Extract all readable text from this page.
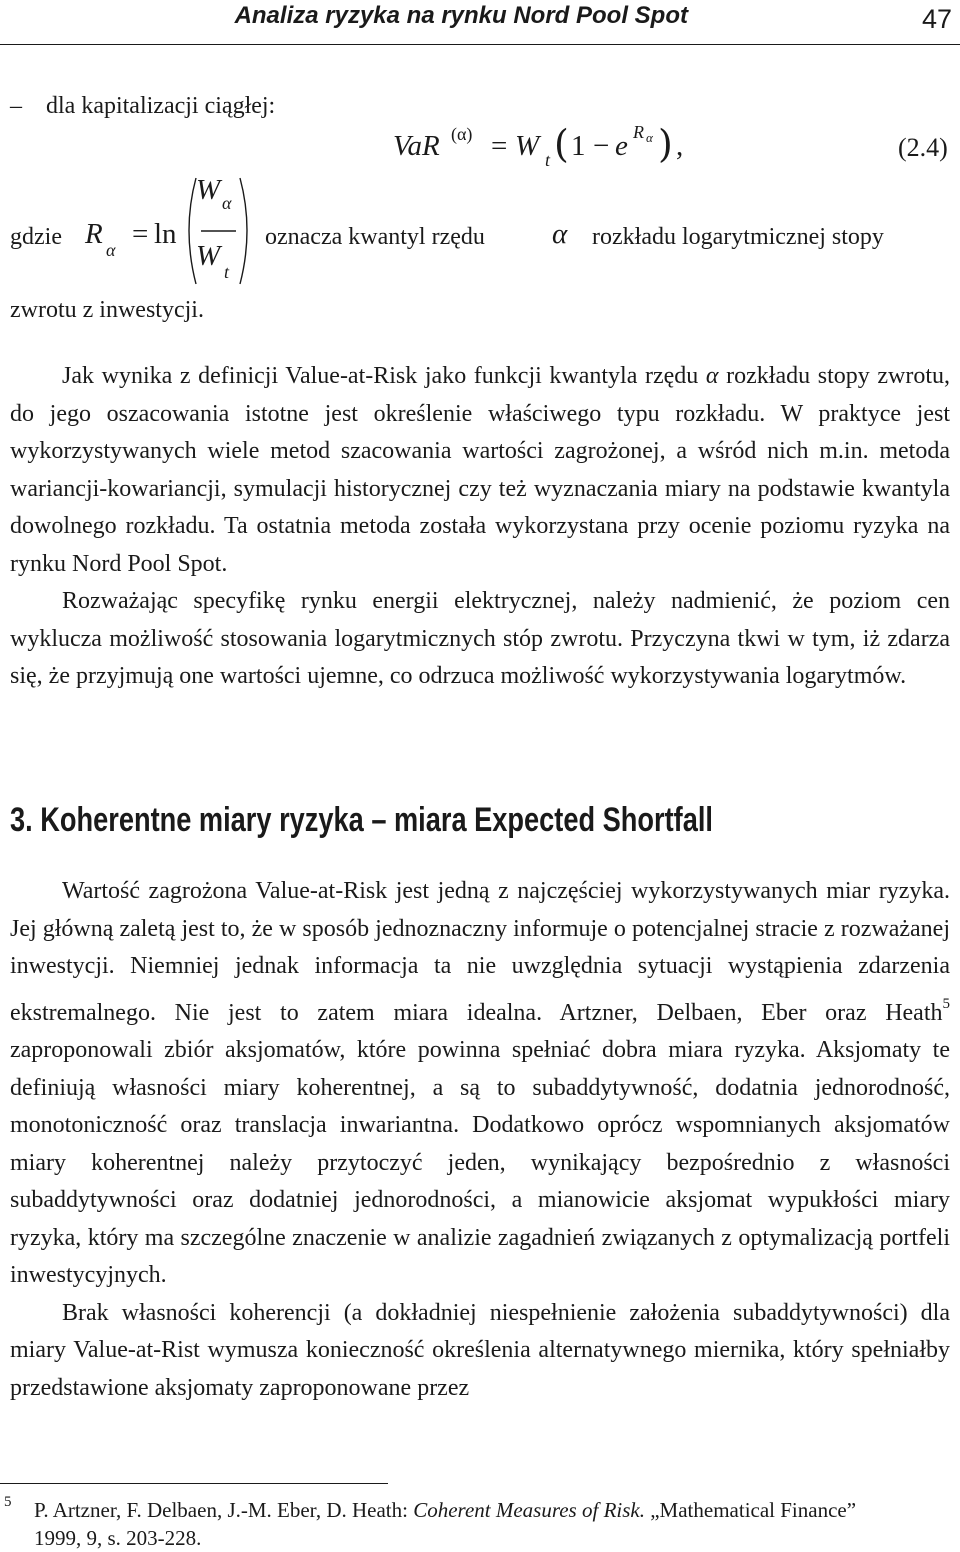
Analiza ryzyka na rynku Nord Pool Spot	47
– dla kapitalizacji ciągłej:
VaR (α) = W t ( 1 − e R α ) ,	(2.4)
gdzie R α = ln
W α
W t
oznacza kwantyl rzędu α rozkładu logarytmicznej stopy
zwrotu z inwestycji.

Jak wynika z definicji Value-at-Risk jako funkcji kwantyla rzędu α rozkładu stopy zwrotu, do jego oszacowania istotne jest określenie właściwego typu rozkładu. W praktyce jest wykorzystywanych wiele metod szacowania wartości zagrożonej, a wśród nich m.in. metoda wariancji-kowariancji, symulacji historycznej czy też wyznaczania miary na podstawie kwantyla dowolnego rozkładu. Ta ostatnia metoda została wykorzystana przy ocenie poziomu ryzyka na rynku Nord Pool Spot.

Rozważając specyfikę rynku energii elektrycznej, należy nadmienić, że poziom cen wyklucza możliwość stosowania logarytmicznych stóp zwrotu. Przyczyna tkwi w tym, iż zdarza się, że przyjmują one wartości ujemne, co odrzuca możliwość wykorzystywania logarytmów.

3. Koherentne miary ryzyka – miara Expected Shortfall

Wartość zagrożona Value-at-Risk jest jedną z najczęściej wykorzystywanych miar ryzyka. Jej główną zaletą jest to, że w sposób jednoznaczny informuje o potencjalnej stracie z rozważanej inwestycji. Niemniej jednak informacja ta nie uwzględnia sytuacji wystąpienia zdarzenia ekstremalnego. Nie jest to zatem miara idealna. Artzner, Delbaen, Eber oraz Heath$^5$ zaproponowali zbiór aksjomatów, które powinna spełniać dobra miara ryzyka. Aksjomaty te definiują własności miary koherentnej, a są to subaddytywność, dodatnia jednorodność, monotoniczność oraz translacja inwariantna. Dodatkowo oprócz wspomnianych aksjomatów miary koherentnej należy przytoczyć jeden, wynikający bezpośrednio z własności subaddytywności oraz dodatniej jednorodności, a mianowicie aksjomat wypukłości miary ryzyka, który ma szczególne znaczenie w analizie zagadnień związanych z optymalizacją portfeli inwestycyjnych.

Brak własności koherencji (a dokładniej niespełnienie założenia subaddytywności) dla miary Value-at-Rist wymusza konieczność określenia alternatywnego miernika, który spełniałby przedstawione aksjomaty zaproponowane przez

5 P. Artzner, F. Delbaen, J.-M. Eber, D. Heath: Coherent Measures of Risk. „Mathematical Finance”
1999, 9, s. 203-228.
